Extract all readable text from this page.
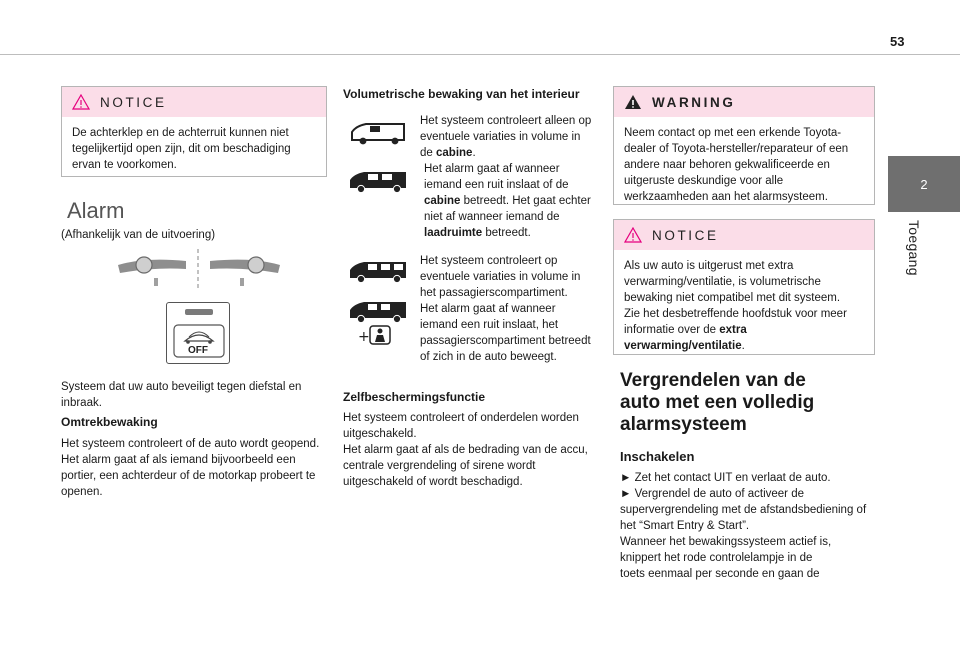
53
2
Toegang
NOTICE
De achterklep en de achterruit kunnen niet tegelijkertijd open zijn, dit om beschadiging ervan te voorkomen.
Alarm
(Afhankelijk van de uitvoering)
OFF
Systeem dat uw auto beveiligt tegen diefstal en inbraak.
Omtrekbewaking
Het systeem controleert of de auto wordt geopend.
Het alarm gaat af als iemand bijvoorbeeld een portier, een achterdeur of de motorkap probeert te openen.
Volumetrische bewaking van het interieur
Het systeem controleert alleen op eventuele variaties in volume in de cabine.
Het alarm gaat af wanneer iemand een ruit inslaat of de cabine betreedt. Het gaat echter niet af wanneer iemand de laadruimte betreedt.
+
Het systeem controleert op eventuele variaties in volume in het passagierscompartiment.
Het alarm gaat af wanneer iemand een ruit inslaat, het passagierscompartiment betreedt of zich in de auto beweegt.
Zelfbeschermingsfunctie
Het systeem controleert of onderdelen worden uitgeschakeld.
Het alarm gaat af als de bedrading van de accu, centrale vergrendeling of sirene wordt uitgeschakeld of wordt beschadigd.
WARNING
Neem contact op met een erkende Toyota-dealer of Toyota-hersteller/reparateur of een andere naar behoren gekwalificeerde en uitgeruste deskundige voor alle werkzaamheden aan het alarmsysteem.
NOTICE
Als uw auto is uitgerust met extra verwarming/ventilatie, is volumetrische bewaking niet compatibel met dit systeem.
Zie het desbetreffende hoofdstuk voor meer informatie over de extra verwarming/ventilatie.
Vergrendelen van de auto met een volledig alarmsysteem
Inschakelen
► Zet het contact UIT en verlaat de auto.
► Vergrendel de auto of activeer de supervergrendeling met de afstandsbediening of het “Smart Entry & Start”.
Wanneer het bewakingssysteem actief is, knippert het rode controlelampje in de toets eenmaal per seconde en gaan de
